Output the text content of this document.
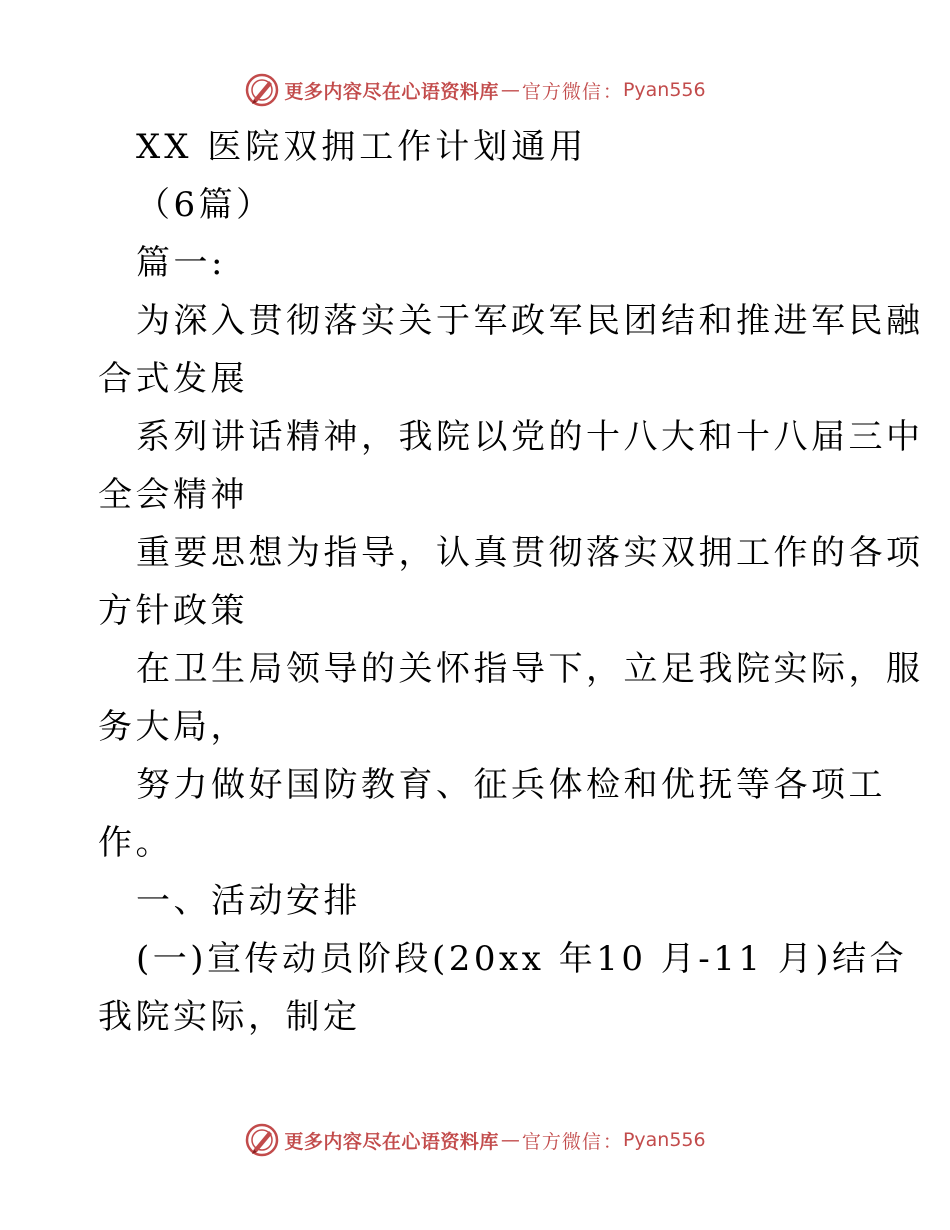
更多内容尽在心语资料库 — 官方微信 ： Pyan556
XX 医院双拥工作计划通用
（6篇）
篇一:
为深入贯彻落实关于军政军民团结和推进军民融
合式发展
系列讲话精神，我院以党的十八大和十八届三中
全会精神
重要思想为指导，认真贯彻落实双拥工作的各项
方针政策
在卫生局领导的关怀指导下，立足我院实际，服
务大局，
努力做好国防教育、征兵体检和优抚等各项工
作。
一、活动安排
(一)宣传动员阶段(20xx 年10 月-11 月)结合
我院实际，制定
更多内容尽在心语资料库 — 官方微信 ： Pyan556
